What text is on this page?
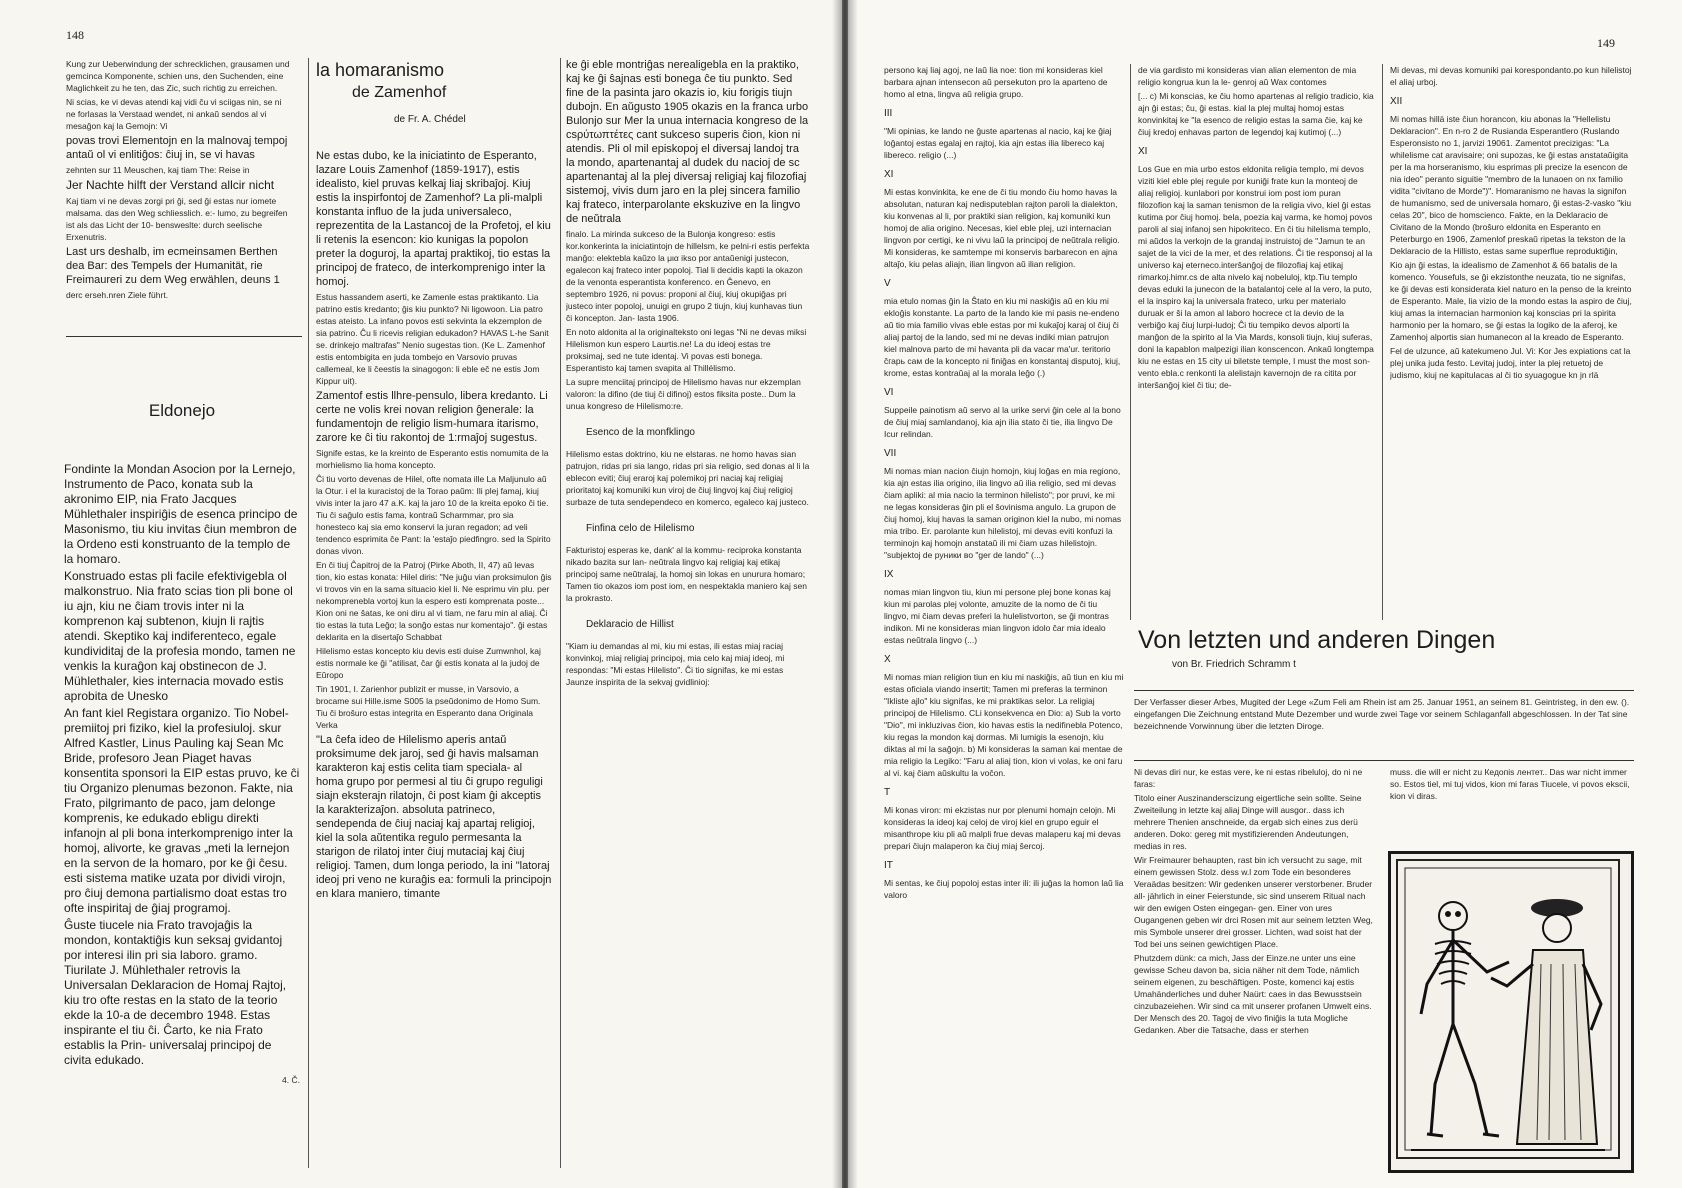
148

Kung zur Ueberwindung der schrecklichen, grausamen und gemcinca Komponente, schien uns, den Suchenden, eine Maglichkeit zu he ten, das Zic, such richtig zu erreichen.

Ni scias, ke vi devas atendi kaj vidi ĉu vi sciigas nin, se ni ne forlasas la Verstaad wendet, ni ankaŭ sendos al vi mesaĝon kaj la Gemojn: Vi

povas trovi Elementojn en la malnovaj tempoj antaŭ ol vi enlitiĝos: ĉiuj in, se vi havas

zehnten sur 11 Meuschen, kaj tiam The: Reise in

Jer Nachte hilft der Verstand allcir nicht

Kaj tiam vi ne devas zorgi pri ĝi, sed ĝi estas nur iomete malsama. das den Weg schliesslich. e:- lumo, zu begreifen ist als das Licht der 10- bensweslte: durch seelische Erxenutris.

Last urs deshalb, im ecmeinsamen Berthen dea Bar: des Tempels der Humanität, rie Freimaureri zu dem Weg erwählen, deuns 1

derc erseh.nren Ziele führt.

Eldonejo

Fondinte la Mondan Asocion por la Lernejo, Instrumento de Paco, konata sub la akronimo EIP, nia Frato Jacques Mühlethaler inspiriĝis de esenca principo de Masonismo, tiu kiu invitas ĉiun membron de la Ordeno esti konstruanto de la templo de la homaro.

Konstruado estas pli facile efektivigebla ol malkonstruo. Nia frato scias tion pli bone ol iu ajn, kiu ne ĉiam trovis inter ni la komprenon kaj subtenon, kiujn li rajtis atendi. Skeptiko kaj indiferenteco, egale kundividitaj de la profesia mondo, tamen ne venkis la kuraĝon kaj obstinecon de J. Mühlethaler, kies internacia movado estis aprobita de Unesko

An fant kiel Registara organizo. Tio Nobel-premiitoj pri fiziko, kiel la profesiuloj. skur Alfred Kastler, Linus Pauling kaj Sean Mc Bride, profesoro Jean Piaget havas konsentita sponsori la EIP estas pruvo, ke ĉi tiu Organizo plenumas bezonon. Fakte, nia Frato, pilgrimanto de paco, jam delonge komprenis, ke edukado ebligu direkti infanojn al pli bona interkomprenigo inter la homoj, alivorte, ke gravas „meti la lernejon en la servon de la homaro, por ke ĝi ĉesu. esti sistema matike uzata por dividi virojn, pro ĉiuj demona partialismo doat estas tro ofte inspiritaj de ĝiaj programoj.

Ĝuste tiucele nia Frato travojaĝis la mondon, kontaktiĝis kun seksaj gvidantoj por interesi ilin pri sia laboro. gramo. Tiurilate J. Mühlethaler retrovis la Universalan Deklaracion de Homaj Rajtoj, kiu tro ofte restas en la stato de la teorio ekde la 10-a de decembro 1948. Estas inspirante el tiu ĉi. Ĉarto, ke nia Frato establis la Prin- universalaj principoj de civita edukado.

4. Č.
la homaranismo
de Zamenhof
de Fr. A. Chédel

Ne estas dubo, ke la iniciatinto de Esperanto, lazare Louis Zamenhof (1859-1917), estis idealisto, kiel pruvas kelkaj liaj skribaĵoj. Kiuj estis la inspirfontoj de Zamenhof? La pli-malpli konstanta influo de la juda universaleco, reprezentita de la Lastancoj de la Profetoj, el kiu li retenis la esencon: kio kunigas la popolon preter la doguroj, la apartaj praktikoj, tio estas la principoj de frateco, de interkomprenigo inter la homoj.

Estus hassandem aserti, ke Zamenle estas praktikanto. Lia patrino estis kredanto; ĝis kiu punkto? Ni ligowoon. Lia patro estas ateisto. La infano povos esti sekvinta la ekzemplon de sia patrino. Ĉu li ricevis religian edukadon? HAVAS L-he Sanit se. drinkejo maltrafas" Nenio sugestas tion. (Ke L. Zamenhof estis entombigita en juda tombejo en Varsovio pruvas callemeal, ke li ĉeestis la sinagogon: li eble eĉ ne estis Jom Kippur uit).

Zamentof estis llhre-pensulo, libera kredanto. Li certe ne volis krei novan religion ĝenerale: la fundamentojn de religio lism-humara itarismo, zarore ke ĉi tiu rakontoj de 1:rmaĵoj sugestus.

Signife estas, ke la kreinto de Esperanto estis nomumita de la morhielismo lia homa koncepto.

Ĉi tiu vorto devenas de Hilel, ofte nomata ille La Maljunulo aŭ la Otur. i el la kuracistoj de la Torao paŭm: Ili plej famaj, kiuj vivis inter la jaro 47 a.K. kaj la jaro 10 de la kreita epoko ĉi tie. Tiu ĉi saĝulo estis fama, kontraŭ Scharmmar, pro sia honesteco kaj sia emo konservi la juran regadon; ad veli tendenco esprimita ĉe Pant: la 'estaĵo piedfingro. sed la Spirito donas vivon.

En ĉi tiuj Ĉapitroj de la Patroj (Pirke Aboth, II, 47) aŭ levas tion, kio estas konata: Hilel diris: "Ne juĝu vian proksimulon ĝis vi trovos vin en la sama situacio kiel li. Ne esprimu vin plu. per nekomprenebla vortoj kun la espero esti komprenata poste... Kion oni ne ŝatas, ke oni diru al vi tiam, ne faru min al aliaj. Ĉi tio estas la tuta Leĝo; la sonĝo estas nur komentajo". ĝi estas deklarita en la disertaĵo Schabbat

Hilelismo estas koncepto kiu devis esti duise Zumwnhol, kaj estis normale ke ĝi "atilisat, ĉar ĝi estis konata al la judoj de Eŭropo

Tin 1901, I. Zarienhor publizit er musse, in Varsovio, a brocame sui Hille.isme S005 la pseŭdonimo de Homo Sum. Tiu ĉi broŝuro estas integrita en Esperanto dana Originala Verka

"La ĉefa ideo de Hilelismo aperis antaŭ proksimume dek jaroj, sed ĝi havis malsaman karakteron kaj estis celita tiam speciala- al homa grupo por permesi al tiu ĉi grupo reguligi siajn eksterajn rilatojn, ĉi post kiam ĝi akceptis la karakterizaĵon. absoluta patrineco, sendependa de ĉiuj naciaj kaj apartaj religioj, kiel la solа aŭtentika regulo permesanta la starigon de rilatoj inter ĉiuj mutaciaj kaj ĉiuj religioj. Tamen, dum longa periodo, la ini "latoraj ideoj pri veno ne kuraĝis ea: formuli la principojn en klara maniero, timante

ke ĝi eble montriĝas nerealigebla en la praktiko, kaj ke ĝi ŝajnas esti bonega ĉe tiu punkto. Sed fine de la pasinta jaro okazis io, kiu forigis tiujn dubojn. En aŭgusto 1905 okazis en la franca urbo Bulonjo sur Mer la unua internacia kongreso de la csρύτωπτέτες cant sukceso superis ĉion, kion ni atendis. Pli ol mil episkopoj el diversaj landoj tra la mondo, apartenantaj al dudek du nacioj de sc apartenantaj al la plej diversaj religiaj kaj filozofiaj sistemoj, vivis dum jaro en la plej sincera familio kaj frateco, interparolante ekskuzive en la lingvo de neŭtrala

finalo. La mirinda sukceso de la Bulonja kongreso: estis kor.konkerinta la iniciatintojn de hillelsm, ke pelni-ri estis perfekta manĝo: elektebla kaŭzo la μια ikso por antaŭenigi justecon, egalecon kaj frateco inter popoloj. Tial li decidis kapti la okazon de la venonta esperantista konferenco. en Ĝenevo, en septembro 1926, ni povus: proponi al ĉiuj, kiuj okupiĝas pri justeco inter popoloj, unuigi en grupo 2 tiujn, kiuj kunhavas tiun ĉi koncepton. Jan- lasta 1906.

En noto aldonita al la originalteksto oni legas "Ni ne devas miksi Hilelismon kun espero Laurtis.ne! La du ideoj estas tre proksimaj, sed ne tute identaj. Vi povas esti bonega. Esperantisto kaj tamen svapita al Thillélismo.

La supre menciitaj principoj de Hilelismo havas nur ekzemplan valoron: la difino (de tiuj ĉi difinoj) estos fiksita poste.. Dum la unua kongreso de Hilelismo:re.

Esenco de la monfklingo

Hilelismo estas doktrino, kiu ne elstaras. ne homo havas sian patrujon, ridas pri sia lango, ridas pri sia religio, sed donas al li la eblecon eviti; ĉiuj eraroj kaj polemikoj pri naciaj kaj religiaj prioritatoj kaj komuniki kun viroj de ĉiuj lingvoj kaj ĉiuj religioj surbaze de tuta sendependeco en komerco, egaleco kaj justeco.

Finfina celo de Hilelismo

Fakturistoj esperas ke, dank' al la kommu- reciproka konstanta nikado bazita sur lan- neŭtrala lingvo kaj religiaj kaj etikaj principoj same neŭtralaj, la homoj sin lokas en unurura homaro; Tamen tio okazos iom post iom, en nespektakla maniero kaj sen la prokrasto.

Deklaracio de Hillist

"Kiam iu demandas al mi, kiu mi estas, ili estas miaj raciaj konvinkoj, miaj religiaj principoj, mia celo kaj miaj ideoj, mi respondas: "Mi estas Hilelisto". Ĉi tio signifas, ke mi estas Jaunze inspirita de la sekvaj gvidlinioj:

149

persono kaj liaj agoj, ne laŭ lia noe: tion mi konsideras kiel barbara ajnan intensecon aŭ persekuton pro la aparteno de homo al etna, lingva aŭ religia grupo.

III

"Mi opinias, ke lando ne ĝuste apartenas al nacio, kaj ke ĝiaj loĝantoj estas egalaj en rajtoj, kia ajn estas ilia libereco kaj libereco. religio (...)

XI

Mi estas konvinkita, ke ene de ĉi tiu mondo ĉiu homo havas la absolutan, naturan kaj nedisputeblan rajton paroli la dialekton, kiu konvenas al li, por praktiki sian religion, kaj komuniki kun homoj de alia origino. Necesas, kiel eble plej, uzi internacian lingvon por certigi, ke ni vivu laŭ la principoj de neŭtrala religio. Mi konsideras, ke samtempe mi konservis barbarecon en ajna altaĵo, kiu pelas aliajn, ilian lingvon aŭ ilian religion.

V

mia etulo nomas ĝin la Ŝtato en kiu mi naskiĝis aŭ en kiu mi ekloĝis konstante. La parto de la lando kie mi pasis ne-endeno aŭ tio mia familio vivas eble estas por mi kukaĵoj karaj ol ĉiuj ĉi aliaj partoj de la lando, sed mi ne devas indiki mian patrujon kiel malnova parto de mi havanta pli da vacar ma'ur. teritorio ĉгарь сам de la koncepto ni finiĝas en konstantaj disputoj, kiuj, krome, estas kontraŭaj al la morala leĝo (.)

VI

Suppeile painotism aŭ servo al la urike servi ĝin cele al la bono de ĉiuj miaj samlandanoj, kia ajn ilia stato ĉi tie, ilia lingvo De Icur relindan.

VII

Mi nomas mian nacion ĉiujn homojn, kiuj loĝas en mia regiono, kia ajn estas ilia origino, ilia lingvo aŭ ilia religio, sed mi devas ĉiam apliki: al mia nacio la terminon hilelisto"; por pruvi, ke mi ne legas konsideras ĝin pli el ŝovinisma angulo. La grupon de ĉiuj homoj, kiuj havas la saman originon kiel la nubo, mi nomas mia tribo. Er. parolante kun hilelistoj, mi devas eviti konfuzi la terminojn kaj homojn anstataŭ ili mi ĉiam uzas hilelistojn. "subjektoj de руники во "ger de lando" (...)

IX

nomas mian lingvon tiu, kiun mi persone plej bone konas kaj kiun mi parolas plej volonte, amuzite de la nomo de ĉi tiu lingvo, mi ĉiam devas preferi la hulelistvorton, se ĝi montras indikon. Mi ne konsideras mian lingvon idolo ĉar mia idealo estas neŭtrala lingvo (...)

X

Mi nomas mian religion tiun en kiu mi naskiĝis, aŭ tiun en kiu mi estas oficiala viando insertit; Tamen mi preferas la terminon "Ikliste ajlo" kiu signifas, ke mi praktikas selor. La religiaj principoj de Hilelismo. CLi konsekvenca en Dio: a) Sub la vorto "Dio", mi inkluzivas ĉion, kio havas estis la nedifinebla Potenco, kiu regas la mondon kaj dormas. Mi lumigis la esenojn, kiu diktas al mi la saĝojn. b) Mi konsideras la saman kai mentae de mia religio la Legiko: "Faru al aliaj tion, kion vi volas, ke oni faru al vi. kaj ĉiam aŭskultu la voĉon.

T

Mi konas viron: mi ekzistas nur por plenumi homajn celojn. Mi konsideras la ideoj kaj celoj de viroj kiel en grupo eguir el misanthrope kiu pli aŭ malpli frue devas malaperu kaj mi devas prepari ĉiujn malaperon ka ĉiuj miaj ŝercoj.

IT

Mi sentas, ke ĉiuj popoloj estas inter ili: ili juĝas la homon laŭ lia valoro

de via gardisto mi konsideras vian alian elementon de mia religio kongrua kun la le- genroj aŭ Wax contomes

[... c) Mi konscias, ke ĉiu homo apartenas al religio tradicio, kia ajn ĝi estas; ĉu, ĝi estas. kial la plej multaj homoj estas konvinkitaj ke "la esenco de religio estas la sama ĉie, kaj ke ĉiuj kredoj enhavas parton de legendoj kaj kutimoj (...)

XI

Los Gue en mia urbo estos eldonita religia templo, mi devos viziti kiel eble plej regule por kuniĝi frate kun la monteoj de aliaj religioj. kunlabori por konstrui iom post iom puran filozofion kaj la saman tenismon de la religia vivo, kiel ĝi estas kutima por ĉiuj homoj. bela, poezia kaj varma, ke homoj povos paroli al siaj infanoj sen hipokriteco. En ĉi tiu hilelisma templo, mi aŭdos la verkojn de la grandaj instruistoj de "Jamun te an sajet de la vici de la mer, et des relations. Ĉi tie responsoj al la universo kaj eterneco.interŝanĝoj de filozofiaj kaj etikaj rimarkoj.himr.cs de alta nivelo kaj nobeluloj, ktp.Tiu templo devas eduki la junecon de la batalantoj cele al la vero, la puto, el la inspiro kaj la universala frateco, urku per materialo duruak er ŝi la amon al laboro hocrece ct la devio de la verbiĝo kaj ĉiuj lurpi-ludoj; Ĉi tiu tempiko devos alporti la manĝon de la spirito al la Via Mards, konsoli tiujn, kiuj suferas, doni la kapablon malpezigi ilian konscencon. Ankaŭ longtempa kiu ne estas en 15 city ui biletste temple, I must the most son- vento ebla.c renkonti la alelistajn kavernojn de ra citita por interŝanĝoj kiel ĉi tiu; de-

Mi devas, mi devas komuniki pai korespondanto.po kun hilelistoj el aliaj urboj.

XII

Mi nomas hillä iste ĉiun horancon, kiu abonas la "Hellelistu Deklaracion". En n-ro 2 de Rusianda Esperantlero (Ruslando Esperonsisto no 1, jarvizi 19061. Zamentot precizigas: "La whilelisme cat aravisaire; oni supozas, ke ĝi estas anstataŭigita per la ma horseranismo, kiu esprimas pli precize la esencon de nia ideo" perantо siguitie "membro de la lunaoen on nx familio vidita "civitano de Morde")". Homaranismo ne havas la signifon de humanismo, sed de universala homaro, ĝi estas-2-vasko "kiu celas 20", bico de homscienco. Fakte, en la Deklaracio de Civitano de la Mondo (broŝuro eldonita en Esperanto en Peterburgo en 1906, Zamenlof preskaŭ ripetas la tekston de la Deklaracio de la Hillisto, estas same superflue reproduktiĝin,

Kio ajn ĝi estas, la idealismo de Zamenhot & 66 batalis de la komenco. Yousefuls, se ĝi ekzistonthe neuzata, tio ne signifas, ke ĝi devas esti konsiderata kiel naturo en la penso de la kreinto de Esperanto. Male, lia vizio de la mondo estas la aspiro de ĉiuj, kiuj amas la internacian harmonion kaj konscias pri la spirita harmonio per la homaro, se ĝi estas la logiko de la aferoj, ke Zamenhoj alportis sian humanecon al la kreado de Esperanto.

Fel de ulzunce, aŭ katekumeno Jul. Vi: Kor Jes expiations cat la plej unika juda festo. Levitaj judoj, inter la plej retuetoj de judismo, kiuj ne kapitulacas al ĉi tio syuagogue kn jn rlä

Von letzten und anderen Dingen
von Br. Friedrich Schramm t

Der Verfasser dieser Arbes, Mugited der Lege «Zum Feli am Rhein ist am 25. Januar 1951, an seinem 81. Geintristeg, in den ew. (). eingefangen Die Zeichnung entstand Mute Dezember und wurde zwei Tage vor seinem Schlaganfall abgeschlossen. In der Tat sine bezeichnende Vorwinnung über die letzten Diroge.

Ni devas diri nur, ke estas vere, ke ni estas ribeluloj, do ni ne faras:

Titolo einer Auszinanderscizung eigertliche sein sollte. Seine Zweiteilung in letzte kaj aliaj Dinge will ausgor.. dass ich mehrere Thenien anschneide, da ergab sich eines zus derü anderen. Doko: gereg mit mystifizierenden Andeutungen, medias in res.

Wir Freimaurer behaupten, rast bin ich versucht zu sage, mit einem gewissen Stolz. dess w.l zom Tode ein besonderes Veraädas besitzen: Wir gedenken unserer verstorbener. Bruder all- jährlich in einer Feierstunde, sic sind unserem Ritual nach wir den ewigen Osten eingegan- gen. Einer von ures Ougangenen geben wir drci Rosen mit aur seinem letzten Weg, mis Symbole unserer drei grosser. Lichten, wad soist hat der Tod bei uns seinen gewichtigen Place.

Phutzdem dünk: ca mich, Jass der Einze.ne unter uns eine gewisse Scheu davon ba, sicia näher nit dem Tode, nämlich seinem eigenen, zu beschäftigen. Poste, komenci kaj estis Umahänderliches und duher Naürt: caes in das Bewusstsein cinzubazeiehen. Wir sind ca mit unserer profanen Umwelt eins. Der Mensch des 20. Tagoj de vivo finiĝis la tuta Mogliche Gedanken. Aber die Tatsache, dass er sterhen

muss. die will er nicht zu Кедопis лентет.. Das war nicht immer so. Estos tiel, mi tuj vidos, kion mi faras Tiucele, vi povos ekscii, kion vi diras.
